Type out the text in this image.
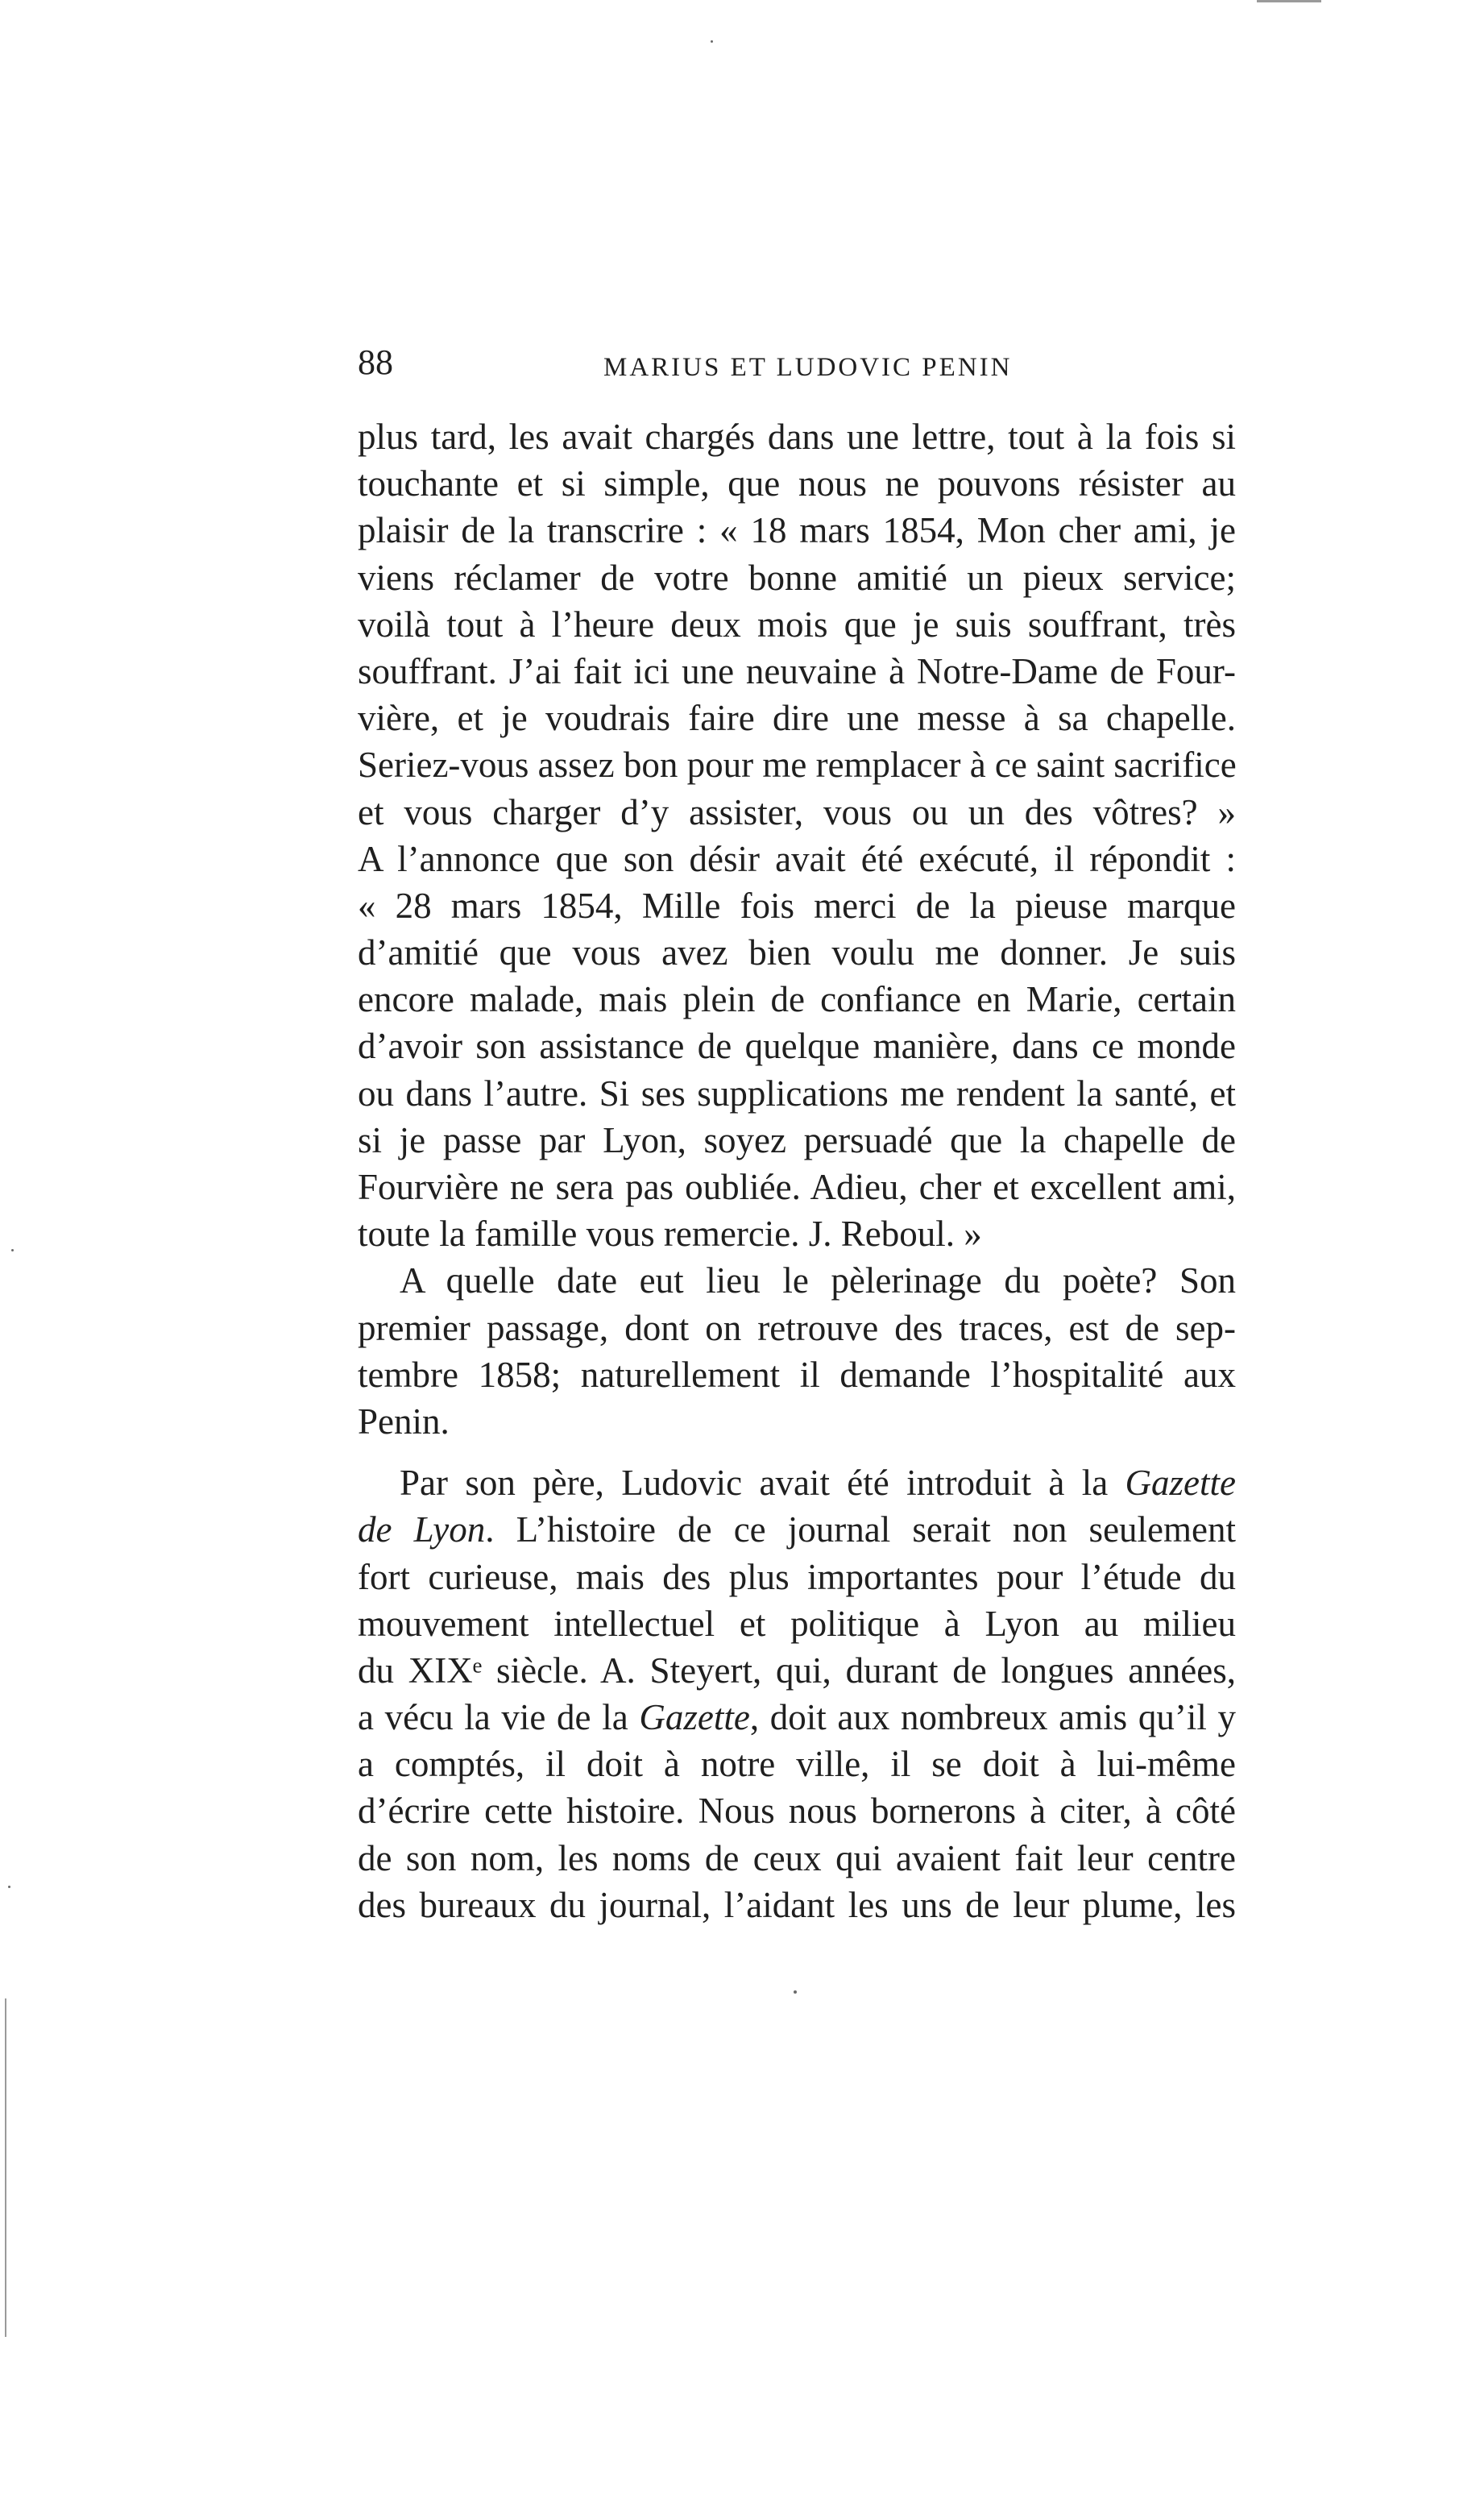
88	MARIUS ET LUDOVIC PENIN
plus tard, les avait chargés dans une lettre, tout à la fois si
touchante et si simple, que nous ne pouvons résister au
plaisir de la transcrire : « 18 mars 1854, Mon cher ami, je
viens réclamer de votre bonne amitié un pieux service;
voilà tout à l’heure deux mois que je suis souffrant, très
souffrant. J’ai fait ici une neuvaine à Notre-Dame de Four-
vière, et je voudrais faire dire une messe à sa chapelle.
Seriez-vous assez bon pour me remplacer à ce saint sacrifice
et vous charger d’y assister, vous ou un des vôtres? »
A l’annonce que son désir avait été exécuté, il répondit :
« 28 mars 1854, Mille fois merci de la pieuse marque
d’amitié que vous avez bien voulu me donner. Je suis
encore malade, mais plein de confiance en Marie, certain
d’avoir son assistance de quelque manière, dans ce monde
ou dans l’autre. Si ses supplications me rendent la santé, et
si je passe par Lyon, soyez persuadé que la chapelle de
Fourvière ne sera pas oubliée. Adieu, cher et excellent ami,
toute la famille vous remercie. J. Reboul. »
A quelle date eut lieu le pèlerinage du poète? Son
premier passage, dont on retrouve des traces, est de sep-
tembre 1858; naturellement il demande l’hospitalité aux
Penin.
Par son père, Ludovic avait été introduit à la Gazette
de Lyon. L’histoire de ce journal serait non seulement
fort curieuse, mais des plus importantes pour l’étude du
mouvement intellectuel et politique à Lyon au milieu
du XIXᵉ siècle. A. Steyert, qui, durant de longues années,
a vécu la vie de la Gazette, doit aux nombreux amis qu’il y
a comptés, il doit à notre ville, il se doit à lui-même
d’écrire cette histoire. Nous nous bornerons à citer, à côté
de son nom, les noms de ceux qui avaient fait leur centre
des bureaux du journal, l’aidant les uns de leur plume, les
